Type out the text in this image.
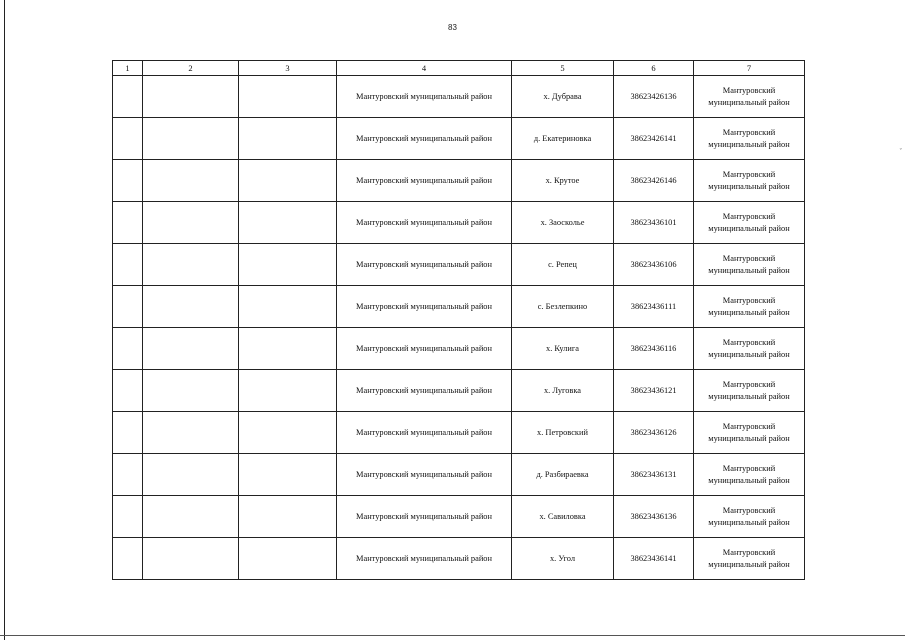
ˇ
83
1	2	3	4	5	6	7
			Мантуровский муниципальный район	х. Дубрава	38623426136	Мантуровский муниципальный район
			Мантуровский муниципальный район	д. Екатериновка	38623426141	Мантуровский муниципальный район
			Мантуровский муниципальный район	х. Крутое	38623426146	Мантуровский муниципальный район
			Мантуровский муниципальный район	х. Заосколье	38623436101	Мантуровский муниципальный район
			Мантуровский муниципальный район	с. Репец	38623436106	Мантуровский муниципальный район
			Мантуровский муниципальный район	с. Безлепкино	38623436111	Мантуровский муниципальный район
			Мантуровский муниципальный район	х. Кулига	38623436116	Мантуровский муниципальный район
			Мантуровский муниципальный район	х. Луговка	38623436121	Мантуровский муниципальный район
			Мантуровский муниципальный район	х. Петровский	38623436126	Мантуровский муниципальный район
			Мантуровский муниципальный район	д. Разбираевка	38623436131	Мантуровский муниципальный район
			Мантуровский муниципальный район	х. Савиловка	38623436136	Мантуровский муниципальный район
			Мантуровский муниципальный район	х. Угол	38623436141	Мантуровский муниципальный район
